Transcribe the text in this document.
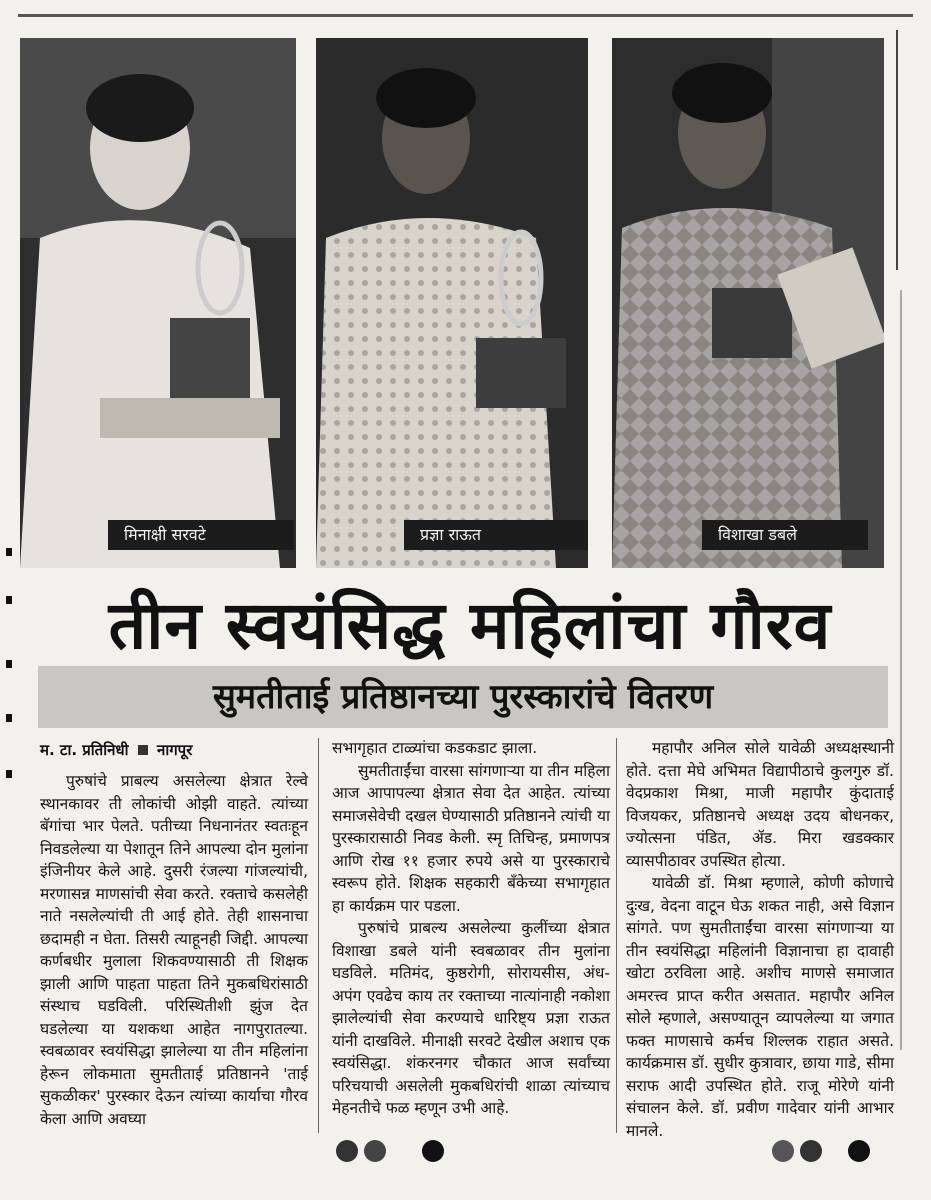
मिनाक्षी सरवटे	प्रज्ञा राऊत	विशाखा डबले
तीन स्वयंसिद्ध महिलांचा गौरव
सुमतीताई प्रतिष्ठानच्या पुरस्कारांचे वितरण
म. टा. प्रतिनिधी नागपूर

पुरुषांचे प्राबल्य असलेल्या क्षेत्रात रेल्वे स्थानकावर ती लोकांची ओझी वाहते. त्यांच्या बॅगांचा भार पेलते. पतीच्या निधनानंतर स्वतःहून निवडलेल्या या पेशातून तिने आपल्या दोन मुलांना इंजिनीयर केले आहे. दुसरी रंजल्या गांजल्यांची, मरणासन्न माणसांची सेवा करते. रक्ताचे कसलेही नाते नसलेल्यांची ती आई होते. तेही शासनाचा छदामही न घेता. तिसरी त्याहूनही जिद्दी. आपल्या कर्णबधीर मुलाला शिकवण्यासाठी ती शिक्षक झाली आणि पाहता पाहता तिने मुकबधिरांसाठी संस्थाच घडविली. परिस्थितीशी झुंज देत घडलेल्या या यशकथा आहेत नागपुरातल्या. स्वबळावर स्वयंसिद्धा झालेल्या या तीन महिलांना हेरून लोकमाता सुमतीताई प्रतिष्ठानने 'ताई सुकळीकर' पुरस्कार देऊन त्यांच्या कार्याचा गौरव केला आणि अवघ्या

सभागृहात टाळ्यांचा कडकडाट झाला.

सुमतीताईंचा वारसा सांगणाऱ्या या तीन महिला आज आपापल्या क्षेत्रात सेवा देत आहेत. त्यांच्या समाजसेवेची दखल घेण्यासाठी प्रतिष्ठानने त्यांची या पुरस्कारासाठी निवड केली. स्मृ तिचिन्ह, प्रमाणपत्र आणि रोख ११ हजार रुपये असे या पुरस्काराचे स्वरूप होते. शिक्षक सहकारी बँकेच्या सभागृहात हा कार्यक्रम पार पडला.

पुरुषांचे प्राबल्य असलेल्या कुलींच्या क्षेत्रात विशाखा डबले यांनी स्वबळावर तीन मुलांना घडविले. मतिमंद, कुष्ठरोगी, सोरायसीस, अंध- अपंग एवढेच काय तर रक्ताच्या नात्यांनाही नकोशा झालेल्यांची सेवा करण्याचे धारिष्ट्य प्रज्ञा राऊत यांनी दाखविले. मीनाक्षी सरवटे देखील अशाच एक स्वयंसिद्धा. शंकरनगर चौकात आज सर्वांच्या परिचयाची असलेली मुकबधिरांची शाळा त्यांच्याच मेहनतीचे फळ म्हणून उभी आहे.

महापौर अनिल सोले यावेळी अध्यक्षस्थानी होते. दत्ता मेघे अभिमत विद्यापीठाचे कुलगुरु डॉ. वेदप्रकाश मिश्रा, माजी महापौर कुंदाताई विजयकर, प्रतिष्ठानचे अध्यक्ष उदय बोधनकर, ज्योत्सना पंडित, ॲड. मिरा खडक्कार व्यासपीठावर उपस्थित होत्या.

यावेळी डॉ. मिश्रा म्हणाले, कोणी कोणाचे दुःख, वेदना वाटून घेऊ शकत नाही, असे विज्ञान सांगते. पण सुमतीताईंचा वारसा सांगणाऱ्या या तीन स्वयंसिद्धा महिलांनी विज्ञानाचा हा दावाही खोटा ठरविला आहे. अशीच माणसे समाजात अमरत्त्व प्राप्त करीत असतात. महापौर अनिल सोले म्हणाले, असण्यातून व्यापलेल्या या जगात फक्त माणसाचे कर्मच शिल्लक राहात असते. कार्यक्रमास डॉ. सुधीर कुत्रावार, छाया गाडे, सीमा सराफ आदी उपस्थित होते. राजू मोरेणे यांनी संचालन केले. डॉ. प्रवीण गादेवार यांनी आभार मानले.
